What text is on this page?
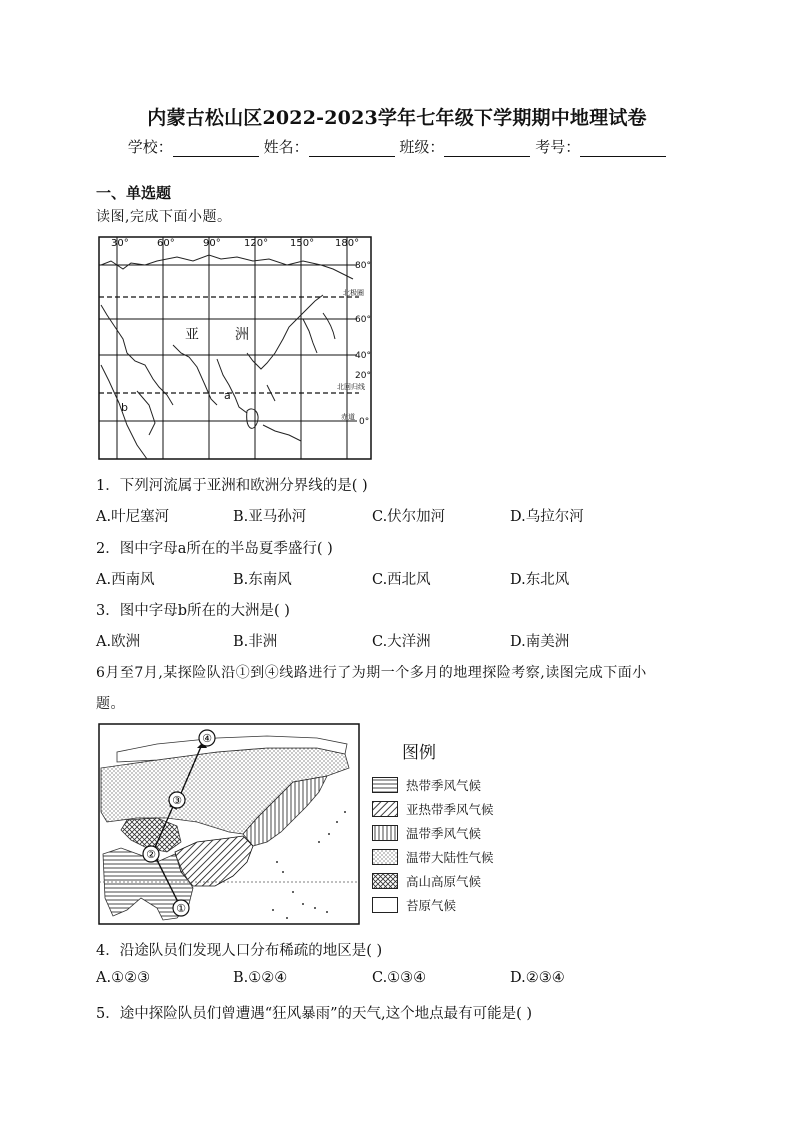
内蒙古松山区2022-2023学年七年级下学期期中地理试卷
学校：	姓名：	班级：	考号：
一、单选题
读图,完成下面小题。
30°	60°	90° 120° 150° 180°
80°
60°
40°
20°
0°
北极圈
北回归线
赤道
亚	洲
a
b
1．下列河流属于亚洲和欧洲分界线的是( )
A.叶尼塞河	B.亚马孙河	C.伏尔加河	D.乌拉尔河
2．图中字母a所在的半岛夏季盛行( )
A.西南风	B.东南风	C.西北风	D.东北风
3．图中字母b所在的大洲是( )
A.欧洲	B.非洲	C.大洋洲	D.南美洲
6月至7月,某探险队沿①到④线路进行了为期一个多月的地理探险考察,读图完成下面小
题。
①
②
③
④
图例
热带季风气候
亚热带季风气候
温带季风气候
温带大陆性气候
高山高原气候
苔原气候
4．沿途队员们发现人口分布稀疏的地区是( )
A.①②③	B.①②④	C.①③④	D.②③④
5．途中探险队员们曾遭遇“狂风暴雨”的天气,这个地点最有可能是( )
